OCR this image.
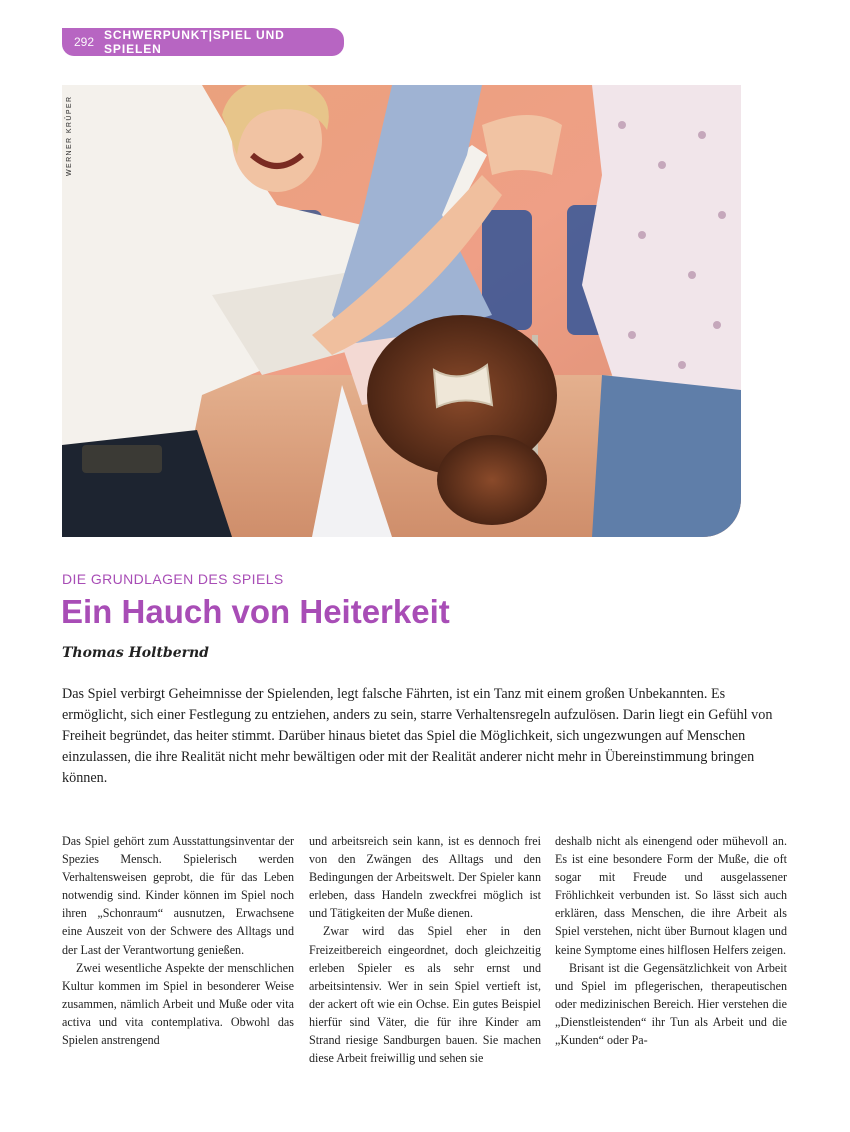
292 SCHWERPUNKT|SPIEL UND SPIELEN
WERNER KRÜPER
DIE GRUNDLAGEN DES SPIELS
Ein Hauch von Heiterkeit
Thomas Holtbernd

Das Spiel verbirgt Geheimnisse der Spielenden, legt falsche Fährten, ist ein Tanz mit einem großen Unbekannten. Es ermöglicht, sich einer Festlegung zu entziehen, anders zu sein, starre Verhaltensregeln aufzulösen. Darin liegt ein Gefühl von Freiheit begründet, das heiter stimmt. Darüber hinaus bietet das Spiel die Möglichkeit, sich ungezwungen auf Menschen einzulassen, die ihre Realität nicht mehr bewältigen oder mit der Realität anderer nicht mehr in Übereinstimmung bringen können.

Das Spiel gehört zum Ausstattungsinventar der Spezies Mensch. Spielerisch werden Verhaltensweisen geprobt, die für das Leben notwendig sind. Kinder können im Spiel noch ihren „Schonraum“ ausnutzen, Erwachsene eine Auszeit von der Schwere des Alltags und der Last der Verantwortung genießen.

Zwei wesentliche Aspekte der menschlichen Kultur kommen im Spiel in besonderer Weise zusammen, nämlich Arbeit und Muße oder vita activa und vita contemplativa. Obwohl das Spielen anstrengend

und arbeitsreich sein kann, ist es dennoch frei von den Zwängen des Alltags und den Bedingungen der Arbeitswelt. Der Spieler kann erleben, dass Handeln zweckfrei möglich ist und Tätigkeiten der Muße dienen.

Zwar wird das Spiel eher in den Freizeitbereich eingeordnet, doch gleichzeitig erleben Spieler es als sehr ernst und arbeitsintensiv. Wer in sein Spiel vertieft ist, der ackert oft wie ein Ochse. Ein gutes Beispiel hierfür sind Väter, die für ihre Kinder am Strand riesige Sandburgen bauen. Sie machen diese Arbeit freiwillig und sehen sie

deshalb nicht als einengend oder mühevoll an. Es ist eine besondere Form der Muße, die oft sogar mit Freude und ausgelassener Fröhlichkeit verbunden ist. So lässt sich auch erklären, dass Menschen, die ihre Arbeit als Spiel verstehen, nicht über Burnout klagen und keine Symptome eines hilflosen Helfers zeigen.

Brisant ist die Gegensätzlichkeit von Arbeit und Spiel im pflegerischen, therapeutischen oder medizinischen Bereich. Hier verstehen die „Dienstleistenden“ ihr Tun als Arbeit und die „Kunden“ oder Pa-
